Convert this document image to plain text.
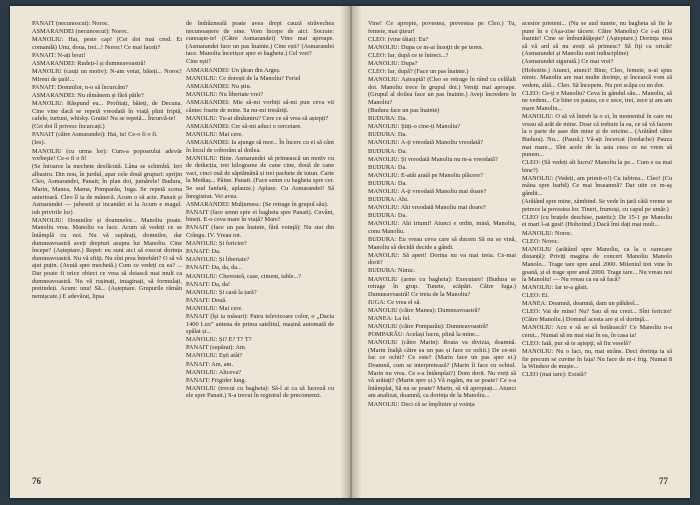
PANAIT (necunoscut): Noroc.

ASMARANDEI (necunoscut): Noroc.

MANOLIU: Hai, peste cap! (Cei doi mai cred. Ei comandă) Unu, doua, trei...! Noroc! Ce mai faceți?

PANAIT: N-ați bout!

ASMARANDEI: Rudeți-l și dumneavoastră!

MANOLIU (cauți un motiv): N-am votat, băieți... Noroc! Mireni de ţară!...

PANAIT: Domnilor, n-o să încurcăm?

ASMARANDEI: Nu rămânem și fără păile?

MANOLIU: Răspund eu... Profitați, băieți, de Decuna. Cine vine dacă se repetă vreodată în viață plini friptă, cafele, turtuni, whisky. Gratis! Nu se repetă... Încurcă-te!

(Cei doi îl privesc încurcați.)

PANAIT (către Asmarandei): Hai, tu! Ce-o fi o fi.

(Ies).

MANOLIU (cu urma lor): Cum-a popoarului adevăr vorbeşte! Ce-o fi o fi!

(Se întoarce la mechete desfăcută. Lâna se schimbă. Ieri albastru. Din nou, în jurdul, apar cele două grupuri: sprijin Cleo, Asmarandei, Panait; în plan doi, jumărele! Budura, Marin, Manea, Mama, Pomparău, Iuga. Se repetă scena anterioară. Cleo îl ia de mânecă. Acum o să acte. Panait și Asmarandei — jubesnii și incantări ei la Acum e magul. iub privirile lor)

MANOLIU: Domnilor și doamnelor... Manoliu poate. Manoliu vrea. Manoliu va face. Acum să vedeți ce se întâmplă cu noi. Nu vă supărați, domnilor, dar dumneavoastră aveți drepturi asupra lui Manoliu. Cine începe? (Așteptare.) Repet: eu sunt aici să execut dorința dumneavoastră. Nu vă sfiiți. Nu sînt prea întrebări? O să vă ajut puțin. (Avută spre mechetă.) Cum ce vedeți cu ea? ... Dar poate fi orice obiect ce vrea să deiască mai mult ca dumneavoastră. Nu vă rușinați, imaginați, să formulați, pretindeți. Acum: unu! Să... (Așteptare. Grupurile rămân nemișcate.) E adevărat, lipsa

de îndrăzneală poate avea drept cauză străvechea necunoaștere de sine. Vom începe de aici. Socrate: cunoaște-te! (Către Asmarandei) Vino mai aproape. (Asmarandei face un pas înainte.) Cine ești? (Asmarandei tace. Manoliu încetișor spre ei baghetu.) Cel vrei?

Cine eşti?

ASMARANDEI: Un ţăran din Argeș.

MANOLIU: Ce dorești de la Manoliu? Feriel

ASMARANDEI: Nu știu.

MANOLIU: Nu libertate vrei?

ASMARANDEI: Mie să-mi vorbiți să-mi pun ceva vii cântec foarte de mine. Sa nu-mi tresăriți.

MANOLIU: Tu-ai dinăuntru? Cere ce să vrea să aștepți?

ASMARANDEI: Cer să-mi aduci o cercetare.

MANOLIU: Mai cere.

ASMARANDEI: Ia ajunge să mor... În încerc cu ei să cânt în locul de coborâm al doilea.

MANOLIU: Bine. Asmarandei să primească un motiv cu de deducția, trei kilograme de cane cine, două de cane vaci, cinci ouă de săptămână și trei pachete de tutun. Carte la Mediaș... Pâine. Panait. (Face semn cu bagheta spre cer. Se aud fanfară, aplauze.) Aplaze. Cu Asmarandei! Să înregistrat. Vei avea.

ASMARANDEI: Mulțumesc. (Se retrage în grupul său).

PANAIT (face semn spre ei bagheta spre Panait). Cuvânt, bineți. E-o ceva mare în viață? Mare?

PANAIT (face un pas înainte, fără voinţă): Nu stai din Crângu. IV. Vreau tot.

MANOLIU: Și fericire?

PANAIT: Da.

MANOLIU: Și libertate?

PANAIT: Da, da, da...

MANOLIU: Cheresteă, case, ciment, table...?

PANAIT: Da, da!

MANOLIU: Și casă la țară?

PANAIT: Două.

MANOLIU: Mai cere.

PANAIT (își ia măsuri): Patru televizoare color, o „Dacia 1400 Lux” antena de prima satelitul, mașină automată de spălat și...

MANOLIU: Și? E? T? T?

PANAIT (supărat): Am.

MANOLIU: Ești atât?

PANAIT: Am, am.

MANOLIU: Altceva?

PANAIT: Frigider lung.

MANOLIU (trecut cu bagheta): Să-l ai ca să lucreză cu ele spre Panait.) S-a trecut în registrul de precomenzi.

76

Vine! Ce apropie, povestea, prevestea pe Cleo.) Tu, femeie, mai ţiteur!

CLEO: (vine tăiat): Eu?

MANOLIU: Dupa ce m-ai însoţit de pe teren.

CLEO: Iar, după ce te întreci...?

MANOLIU: Dupa?

CLEO: Iar, după? (Face un pas înainte.)

MANOLIU: Așteaptă! (Cleo se retrage în rând cu celălalt doi. Manoliu trece în grupul doi.) Veniţi mai aproape. (Grupul al doilea face un pas înainte.) Aveţi încredere în Manoliu?

(Budura face un pas înainte)

BUDURA: Da.

MANOLIU: Știți-o cine-ți Manoliu?

BUDURA: Da.

MANOLIU: A-ți vreodată Manoliu vreodată?

BUDURA: Da.

MANOLIU: Și vreodată Manoliu nu m-a vreodată?

BUDURA: Da.

MANOLIU: E-atât arată pe Manoliu plăcere?

BUDURA: Da.

MANOLIU: A-ți vreodată Manoliu mai doare?

BUDURA: Ahi.

MANOLIU: Ahi vreodată Manoliu mai doare?

BUDURA: Da.

MANOLIU: Ahi triumf! Atunci e ordin, mină, Manoliu, conu Manoliu.

BUDURA: Eu vreau ceva care să ducem Să nu se vină, Manoliu să decidă decide a gândi.

MANOLIU: Să aperi! Dorina nu va mai treia. Ce-mai dorit?

BUDURA: Nimic.

MANOLIU (arme cu bagheta): Executare! (Budura se retrage în grup. Tunete, scăpări. Către Iuga.) Dumneavoastră! Ce treia de la Manoliu?

IUGA: Ce vrea el să.

MANOLIU (către Manea): Dumneavoastră?

MANEA: La fel.

MANOLIU (către Pomparău): Dumneavoastră?

POMPARĂU: Același lucru, plină la mine...

MANOLIU (către Marin): Roata va divizia, doamnă. (Marin înalţă către ea un pas și face ce ochii.) De ce-mi fac ce ochii? Ce este? (Marin face un pas spre ei.) Doamnă, cum se interpretează? (Marin îi face cu ochiul. Marin nu vrea. Ce s-a întâmplat?) Dom dorit. Nu vreți să vă arătați? (Marin spre și.) Vă rugăm, nu se poate? Ce s-a întâmplat, Să nu se poate? Marin, să vă apropiați... Atunci am analizat, doamnă, ca dorința de la Manoliu...

MANOLIU: Deci că se împlinire și voința

acestor prieteni... (Nu se aud tunete, nu bagheta să fie le pune în e (Așa-zise tăcere. Către Manoliu) Ce i-ai (Dă înainte! Cine se îmbunătăţeşte? (Așteptare.) Dorința mea să vă ard să nu aveți să primesc? Să fiţi ca oricât! (Asmarandei și Manoliu sunt indiscipline)

(Asmarandei sigurată.) Ce mai vrei?

(Hohotite.) Atunci, atunci! Bine, Cleo, femeie, n-ai spus nimic. Manoliu are mai multe dorințe, și încearcă vom să vedem, altă... Cleo. Să începem. Nu pot scăpa cu un dor.

CLEO: Ce-ți e Manoliu? Ceva în gândul său... Manoliu, să ne vedem... Ce bine cu pauza, ce e zece, trei, zece și am am mare Manoliu...

MANOLIU: O să vă întreb la o zi, în momentul în care nu vreau să arăt de mine. Doar că trebuie la ea, ce să vă facem la o parte de șase din mine și de oricine... (Arătând către Budura). Nu... (Pauză.) Vă-ați încercat (Iordache) Pauza mai mare... Sînt acele de la asta ceea ce nu vrem să punem...

CLEO: (Să vedeți alt lucru? Manoliu la pe... Cum e ea mai bine?)

MANOLIU: (Vedeți, am primit-o!) Cu iubirea... Cleo! (Cu mâna spre barbă) Ce mai înseamnă? Dar uite ce m-aş gândit...

(Arătând spre mine, zâmbind. Se vede în țară câtă vreme se petrece la povestea lor. Tineri, frumoși, cu capul pe umăr.)

CLEO (cu brațele deschise, patetic): De 15-1 pe Manoliu ei mari l-ai gust! (Hohotind.) Dacă îmi dați mai mult...

MANOLIU: Noroc.

CLEO: Noroc.

MANOLIU (arătând spre Manoliu, ca la o oarecare distanță): Priviți magina de concert Manoliu Manolo Manolo... Trage tare spre anul 2000. Mileniul trei vine în goană, și el trage spre anul 2000. Trage tare... Nu vreau noi la Manoliu! — Nu vreau ca ea să facă?

MANOLIU: Iar te-a găsit.

CLEO: Ei.

MANEA: Doamnă, doamnă, dam un păhărel...

CLEO: Vai de mine! Nu? Sau să nu crezi... Sînt fericire! (Către Manoliu.) Domnul acesta are și el dorinţă...

MANOLIU: Acu e să se să hotărască? Ce Manoliu n-a cerut... Numai să nu mai stai în ea, în casa ta!

CLEO: Iată, pur să te aştepţi, să fiu veselă?

MANOLIU: Nu o faci, nu, mai strâns. Deci dorinţa ta să fie precum se cuvine în fața! Nu face de ni-i frig. Numai 8 la Windsor de muște...

CLEO (mai tare): Există?

77
